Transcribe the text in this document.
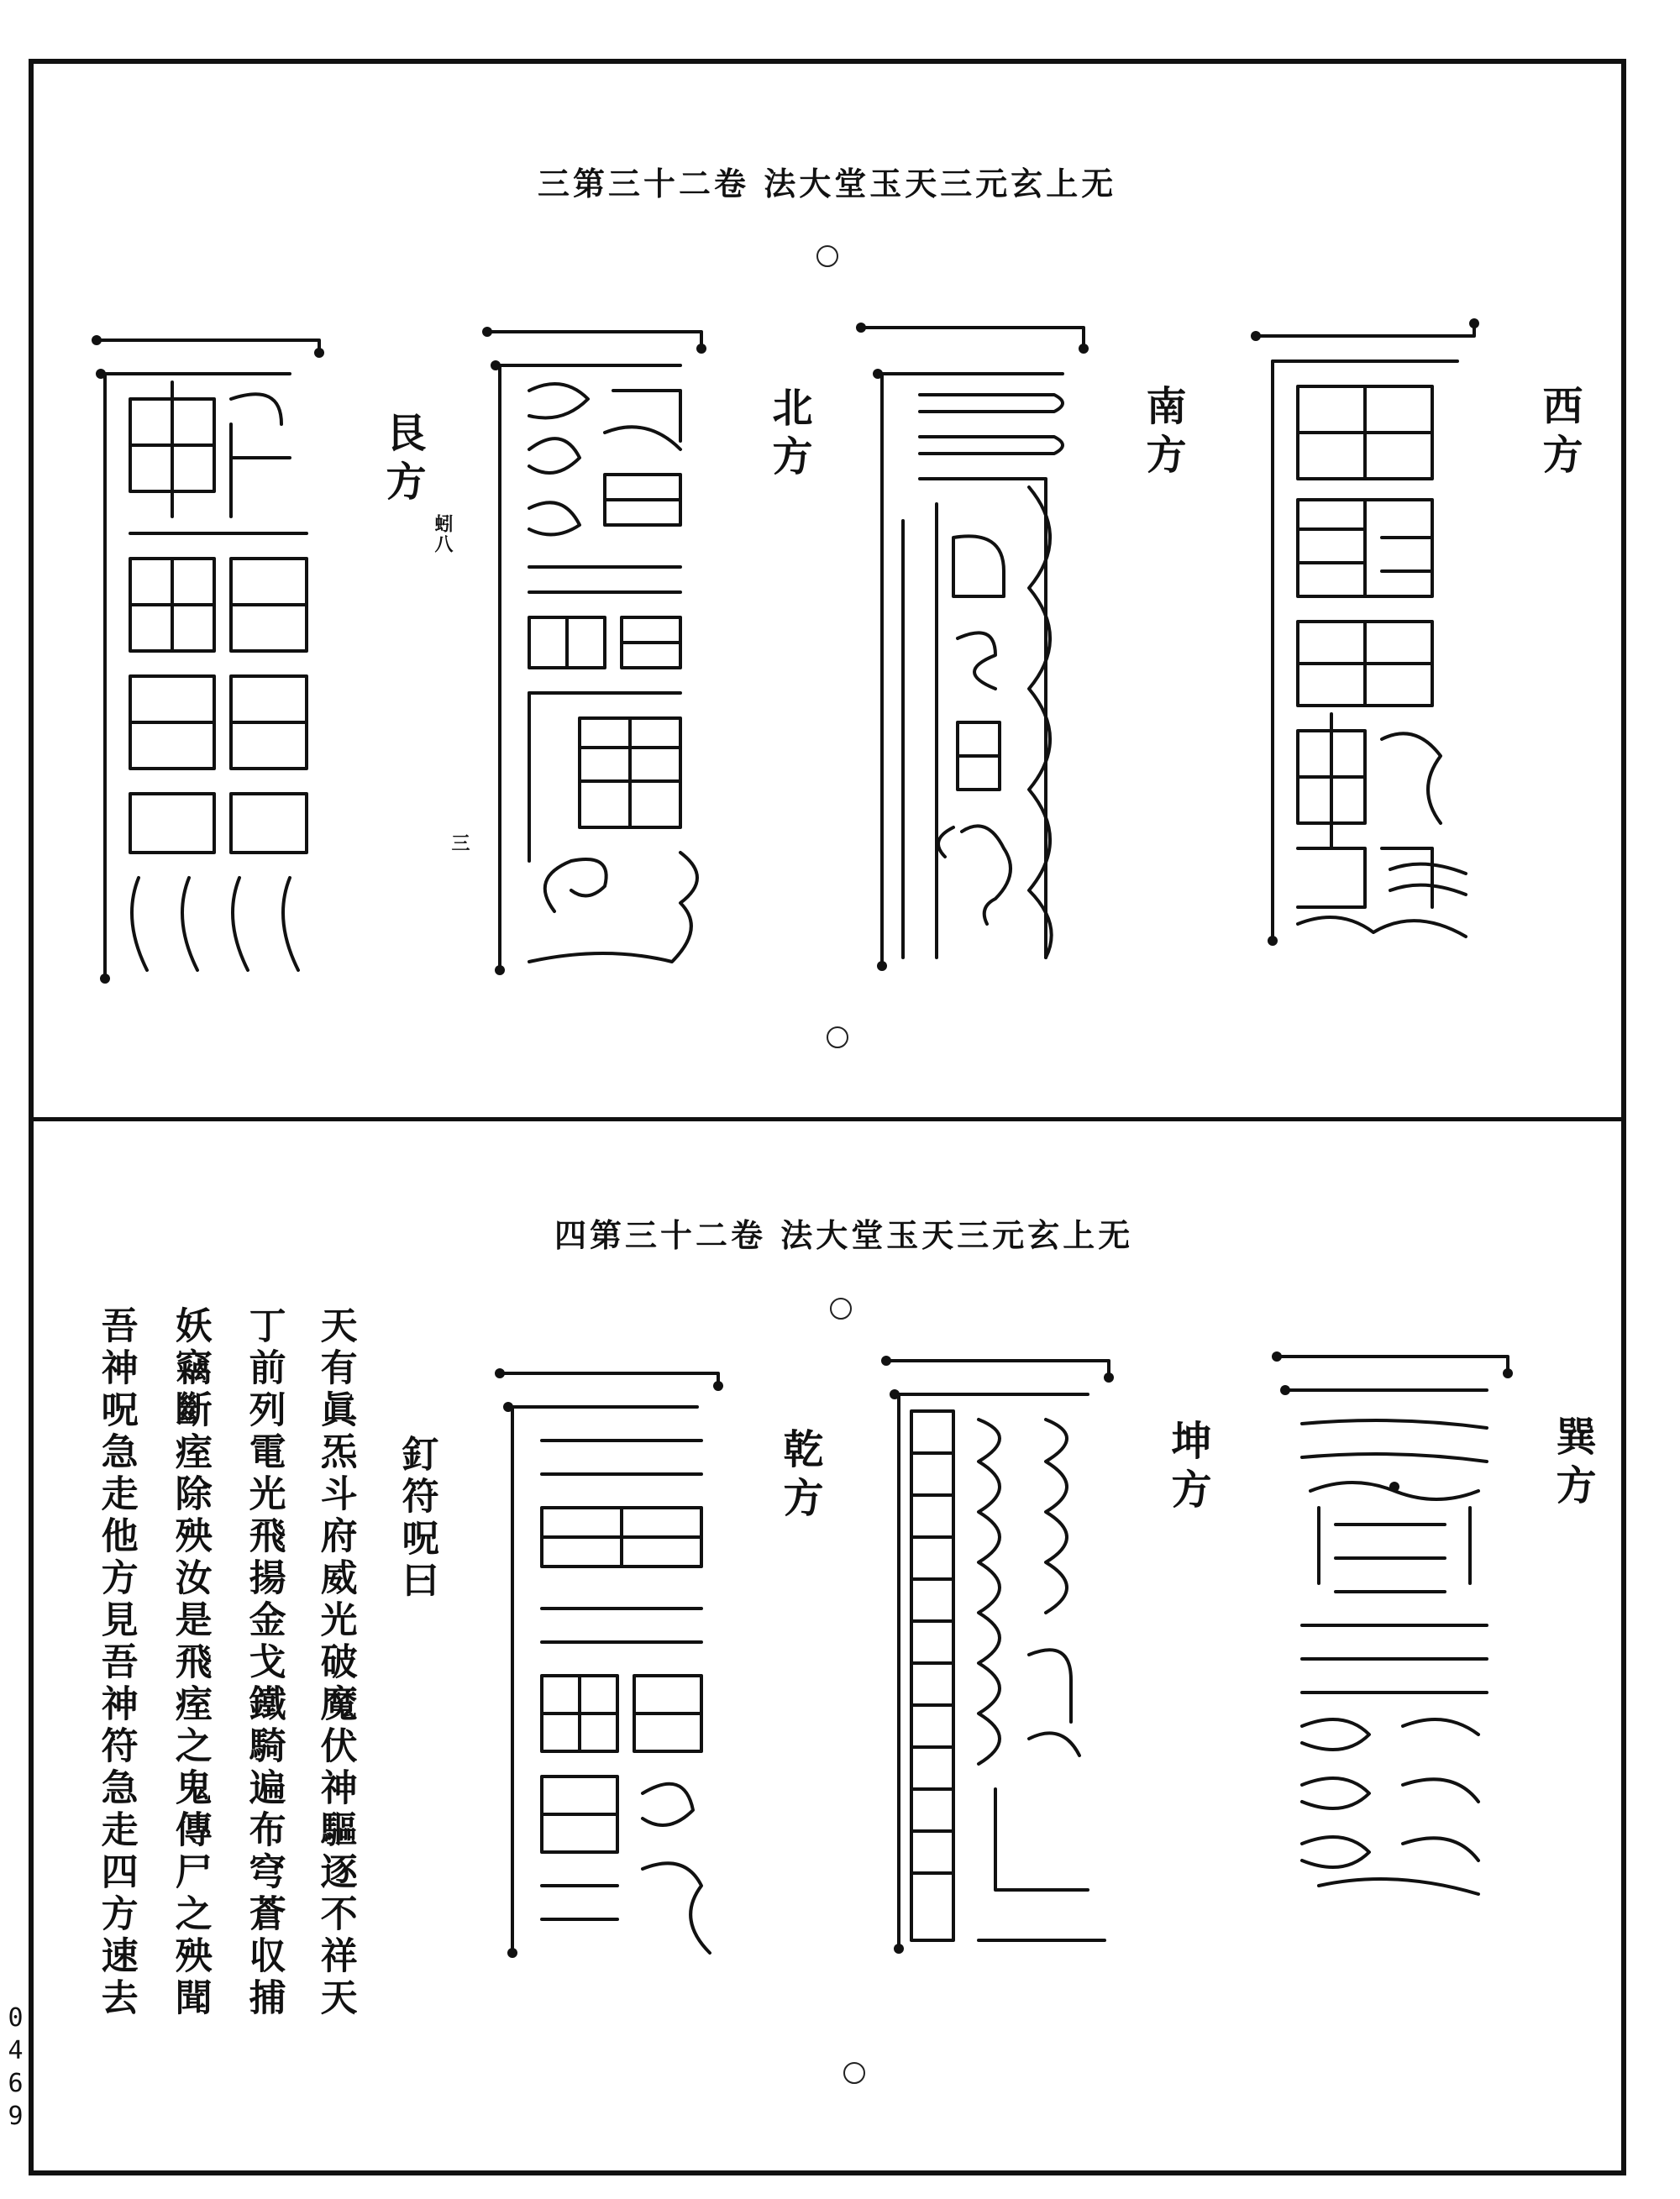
三第三十二卷 法大堂玉天三元玄上无
西方
南方
北方
蚓八
三
艮方
四第三十二卷 法大堂玉天三元玄上无
巽方
坤方
乾方
釘符呪曰
天有眞炁斗府威光破魔伏神驅逐不祥天
丁前列電光飛揚金戈鐵騎遍布穹蒼収捕
妖竊斷痓除殃汝是飛痓之鬼傳尸之殃聞
吾神呪急走他方見吾神符急走四方速去
0469
